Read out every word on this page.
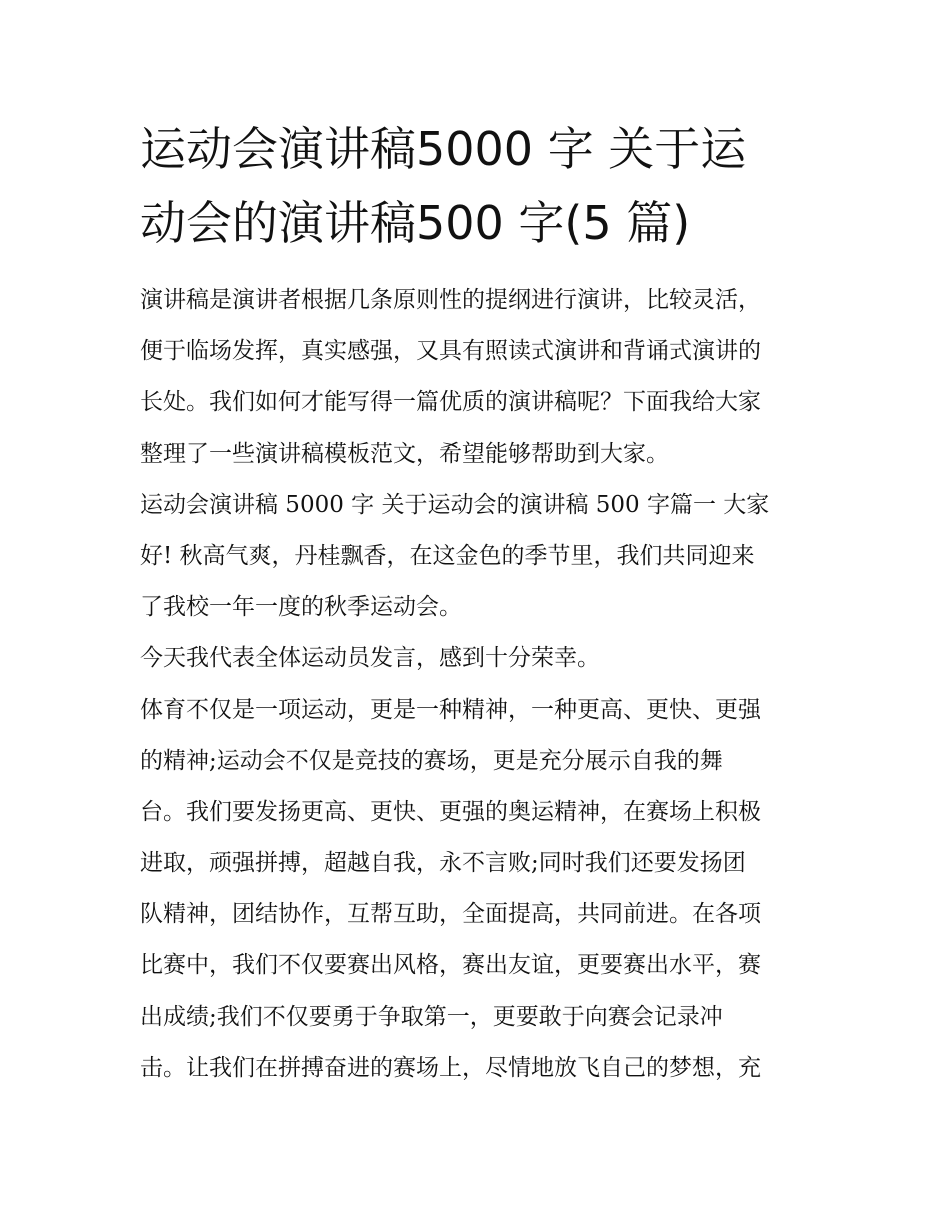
运动会演讲稿5000 字 关于运
动会的演讲稿500 字(5 篇)
演讲稿是演讲者根据几条原则性的提纲进行演讲，比较灵活，
便于临场发挥，真实感强，又具有照读式演讲和背诵式演讲的
长处。我们如何才能写得一篇优质的演讲稿呢？下面我给大家
整理了一些演讲稿模板范文，希望能够帮助到大家。
运动会演讲稿 5000 字 关于运动会的演讲稿 500 字篇一 大家
好! 秋高气爽，丹桂飘香，在这金色的季节里，我们共同迎来
了我校一年一度的秋季运动会。
今天我代表全体运动员发言，感到十分荣幸。
体育不仅是一项运动，更是一种精神，一种更高、更快、更强
的精神;运动会不仅是竞技的赛场，更是充分展示自我的舞
台。我们要发扬更高、更快、更强的奥运精神，在赛场上积极
进取，顽强拼搏，超越自我，永不言败;同时我们还要发扬团
队精神，团结协作，互帮互助，全面提高，共同前进。在各项
比赛中，我们不仅要赛出风格，赛出友谊，更要赛出水平，赛
出成绩;我们不仅要勇于争取第一，更要敢于向赛会记录冲
击。让我们在拼搏奋进的赛场上，尽情地放飞自己的梦想，充
